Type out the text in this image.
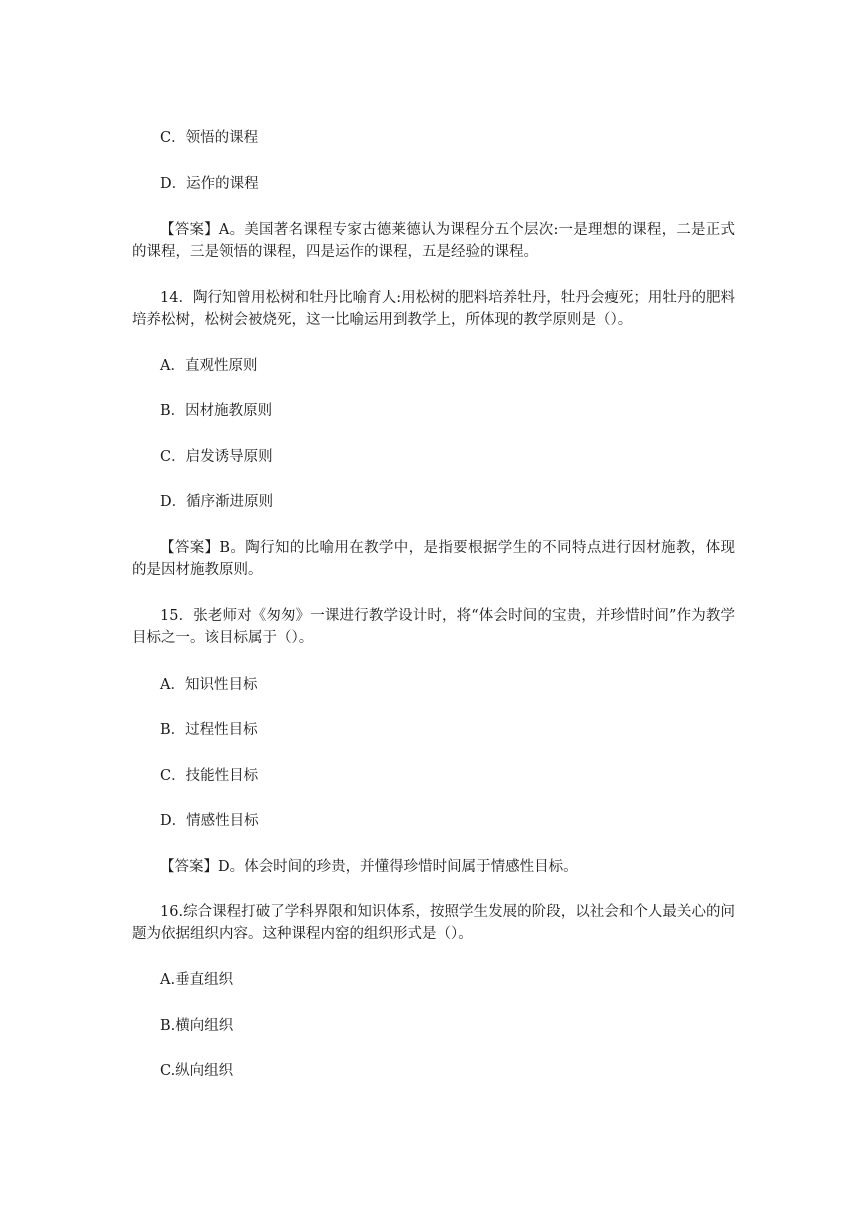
C．领悟的课程
D．运作的课程
【答案】A。美国著名课程专家古德莱德认为课程分五个层次:一是理想的课程，二是正式的课程，三是领悟的课程，四是运作的课程，五是经验的课程。
14．陶行知曾用松树和牡丹比喻育人:用松树的肥料培养牡丹，牡丹会瘦死；用牡丹的肥料培养松树，松树会被烧死，这一比喻运用到教学上，所体现的教学原则是（）。
A．直观性原则
B．因材施教原则
C．启发诱导原则
D．循序渐进原则
【答案】B。陶行知的比喻用在教学中，是指要根据学生的不同特点进行因材施教，体现的是因材施教原则。
15．张老师对《匆匆》一课进行教学设计时，将“体会时间的宝贵，并珍惜时间”作为教学目标之一。该目标属于（）。
A．知识性目标
B．过程性目标
C．技能性目标
D．情感性目标
【答案】D。体会时间的珍贵，并懂得珍惜时间属于情感性目标。
16.综合课程打破了学科界限和知识体系，按照学生发展的阶段，以社会和个人最关心的问题为依据组织内容。这种课程内窑的组织形式是（）。
A.垂直组织
B.横向组织
C.纵向组织
